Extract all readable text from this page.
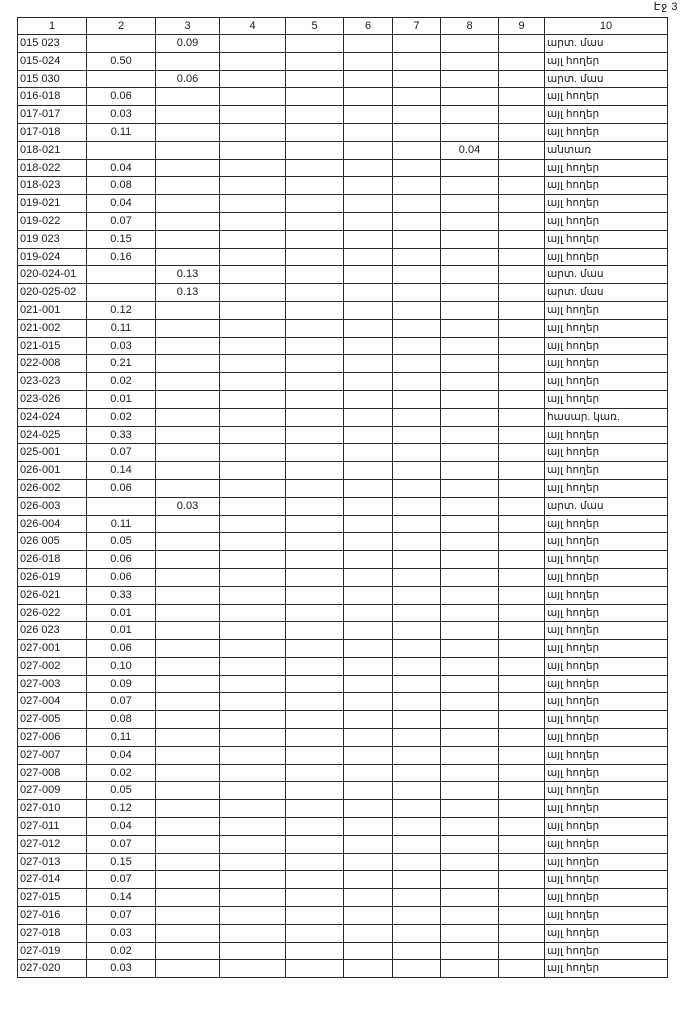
Էջ 3
1	2	3	4	5	6	7	8	9	10
015 023		0.09							արտ. մաս
015-024	0.50								այլ հողեր
015 030		0.06							արտ. մաս
016-018	0.06								այլ հողեր
017-017	0.03								այլ հողեր
017-018	0.11								այլ հողեր
018-021							0.04		անտառ
018-022	0.04								այլ հողեր
018-023	0.08								այլ հողեր
019-021	0.04								այլ հողեր
019-022	0.07								այլ հողեր
019 023	0.15								այլ հողեր
019-024	0.16								այլ հողեր
020-024-01		0.13							արտ. մաս
020-025-02		0.13							արտ. մաս
021-001	0.12								այլ հողեր
021-002	0.11								այլ հողեր
021-015	0.03								այլ հողեր
022-008	0.21								այլ հողեր
023-023	0.02								այլ հողեր
023-026	0.01								այլ հողեր
024-024	0.02								հասար. կառ.
024-025	0.33								այլ հողեր
025-001	0.07								այլ հողեր
026-001	0.14								այլ հողեր
026-002	0.06								այլ հողեր
026-003		0.03							արտ. մաս
026-004	0.11								այլ հողեր
026 005	0.05								այլ հողեր
026-018	0.06								այլ հողեր
026-019	0.06								այլ հողեր
026-021	0.33								այլ հողեր
026-022	0.01								այլ հողեր
026 023	0.01								այլ հողեր
027-001	0.06								այլ հողեր
027-002	0.10								այլ հողեր
027-003	0.09								այլ հողեր
027-004	0.07								այլ հողեր
027-005	0.08								այլ հողեր
027-006	0.11								այլ հողեր
027-007	0.04								այլ հողեր
027-008	0.02								այլ հողեր
027-009	0.05								այլ հողեր
027-010	0.12								այլ հողեր
027-011	0.04								այլ հողեր
027-012	0.07								այլ հողեր
027-013	0.15								այլ հողեր
027-014	0.07								այլ հողեր
027-015	0.14								այլ հողեր
027-016	0.07								այլ հողեր
027-018	0.03								այլ հողեր
027-019	0.02								այլ հողեր
027-020	0.03								այլ հողեր
